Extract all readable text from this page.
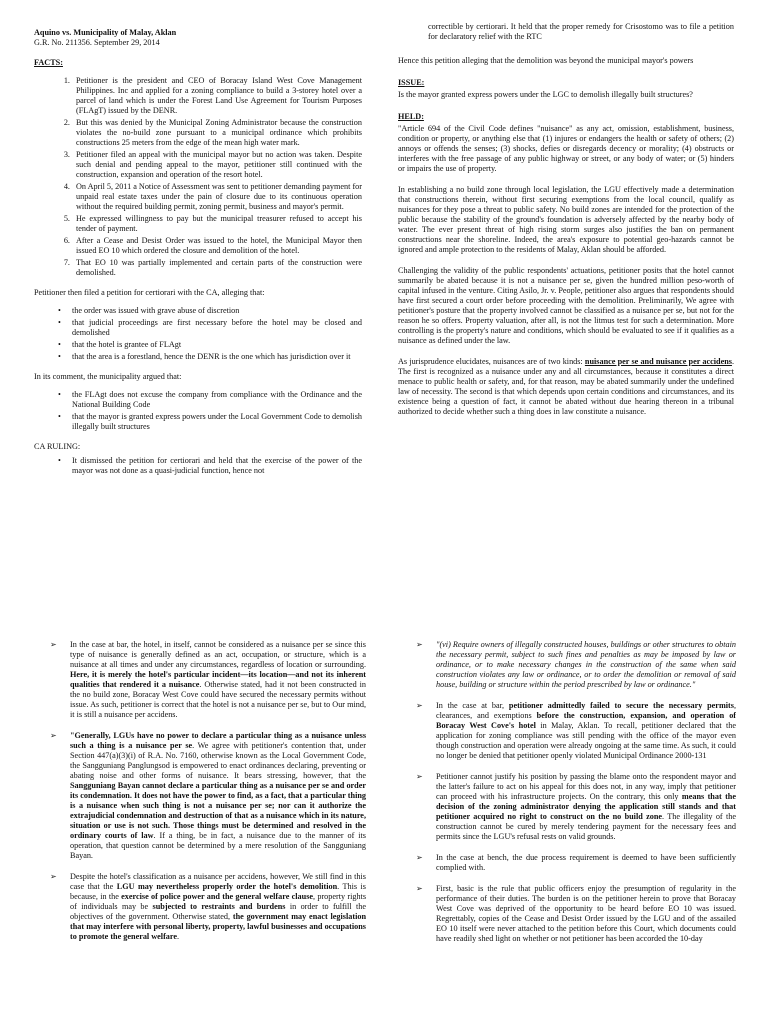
Aquino vs. Municipality of Malay, Aklan

G.R. No. 211356. September 29, 2014

FACTS:

1. Petitioner is the president and CEO of Boracay Island West Cove Management Philippines. Inc and applied for a zoning compliance to build a 3-storey hotel over a parcel of land which is under the Forest Land Use Agreement for Tourism Purposes (FLAgT) issued by the DENR.
2. But this was denied by the Municipal Zoning Administrator because the construction violates the no-build zone pursuant to a municipal ordinance which prohibits constructions 25 meters from the edge of the mean high water mark.
3. Petitioner filed an appeal with the municipal mayor but no action was taken. Despite such denial and pending appeal to the mayor, petitioner still continued with the construction, expansion and operation of the resort hotel.
4. On April 5, 2011 a Notice of Assessment was sent to petitioner demanding payment for unpaid real estate taxes under the pain of closure due to its continuous operation without the required building permit, zoning permit, business and mayor's permit.
5. He expressed willingness to pay but the municipal treasurer refused to accept his tender of payment.
6. After a Cease and Desist Order was issued to the hotel, the Municipal Mayor then issued EO 10 which ordered the closure and demolition of the hotel.
7. That EO 10 was partially implemented and certain parts of the construction were demolished.

Petitioner then filed a petition for certiorari with the CA, alleging that:

• the order was issued with grave abuse of discretion
• that judicial proceedings are first necessary before the hotel may be closed and demolished
• that the hotel is grantee of FLAgt
• that the area is a forestland, hence the DENR is the one which has jurisdiction over it

In its comment, the municipality argued that:

• the FLAgt does not excuse the company from compliance with the Ordinance and the National Building Code
• that the mayor is granted express powers under the Local Government Code to demolish illegally built structures

CA RULING:

• It dismissed the petition for certiorari and held that the exercise of the power of the mayor was not done as a quasi-judicial function, hence not

correctible by certiorari. It held that the proper remedy for Crisostomo was to file a petition for declaratory relief with the RTC

Hence this petition alleging that the demolition was beyond the municipal mayor's powers

ISSUE:

Is the mayor granted express powers under the LGC to demolish illegally built structures?

HELD:

"Article 694 of the Civil Code defines "nuisance" as any act, omission, establishment, business, condition or property, or anything else that (1) injures or endangers the health or safety of others; (2) annoys or offends the senses; (3) shocks, defies or disregards decency or morality; (4) obstructs or interferes with the free passage of any public highway or street, or any body of water; or (5) hinders or impairs the use of property.

In establishing a no build zone through local legislation, the LGU effectively made a determination that constructions therein, without first securing exemptions from the local council, qualify as nuisances for they pose a threat to public safety. No build zones are intended for the protection of the public because the stability of the ground's foundation is adversely affected by the nearby body of water. The ever present threat of high rising storm surges also justifies the ban on permanent constructions near the shoreline. Indeed, the area's exposure to potential geo-hazards cannot be ignored and ample protection to the residents of Malay, Aklan should be afforded.

Challenging the validity of the public respondents' actuations, petitioner posits that the hotel cannot summarily be abated because it is not a nuisance per se, given the hundred million peso-worth of capital infused in the venture. Citing Asilo, Jr. v. People, petitioner also argues that respondents should have first secured a court order before proceeding with the demolition. Preliminarily, We agree with petitioner's posture that the property involved cannot be classified as a nuisance per se, but not for the reason he so offers. Property valuation, after all, is not the litmus test for such a determination. More controlling is the property's nature and conditions, which should be evaluated to see if it qualifies as a nuisance as defined under the law.

As jurisprudence elucidates, nuisances are of two kinds: nuisance per se and nuisance per accidens. The first is recognized as a nuisance under any and all circumstances, because it constitutes a direct menace to public health or safety, and, for that reason, may be abated summarily under the undefined law of necessity. The second is that which depends upon certain conditions and circumstances, and its existence being a question of fact, it cannot be abated without due hearing thereon in a tribunal authorized to decide whether such a thing does in law constitute a nuisance.

➢ In the case at bar, the hotel, in itself, cannot be considered as a nuisance per se since this type of nuisance is generally defined as an act, occupation, or structure, which is a nuisance at all times and under any circumstances, regardless of location or surrounding. Here, it is merely the hotel's particular incident—its location—and not its inherent qualities that rendered it a nuisance. Otherwise stated, had it not been constructed in the no build zone, Boracay West Cove could have secured the necessary permits without issue. As such, petitioner is correct that the hotel is not a nuisance per se, but to Our mind, it is still a nuisance per accidens.
➢ "Generally, LGUs have no power to declare a particular thing as a nuisance unless such a thing is a nuisance per se. We agree with petitioner's contention that, under Section 447(a)(3)(i) of R.A. No. 7160, otherwise known as the Local Government Code, the Sangguniang Panglungsod is empowered to enact ordinances declaring, preventing or abating noise and other forms of nuisance. It bears stressing, however, that the Sangguniang Bayan cannot declare a particular thing as a nuisance per se and order its condemnation. It does not have the power to find, as a fact, that a particular thing is a nuisance when such thing is not a nuisance per se; nor can it authorize the extrajudicial condemnation and destruction of that as a nuisance which in its nature, situation or use is not such. Those things must be determined and resolved in the ordinary courts of law. If a thing, be in fact, a nuisance due to the manner of its operation, that question cannot be determined by a mere resolution of the Sangguniang Bayan.
➢ Despite the hotel's classification as a nuisance per accidens, however, We still find in this case that the LGU may nevertheless properly order the hotel's demolition. This is because, in the exercise of police power and the general welfare clause, property rights of individuals may be subjected to restraints and burdens in order to fulfill the objectives of the government. Otherwise stated, the government may enact legislation that may interfere with personal liberty, property, lawful businesses and occupations to promote the general welfare.
➢ "(vi) Require owners of illegally constructed houses, buildings or other structures to obtain the necessary permit, subject to such fines and penalties as may be imposed by law or ordinance, or to make necessary changes in the construction of the same when said construction violates any law or ordinance, or to order the demolition or removal of said house, building or structure within the period prescribed by law or ordinance."
➢ In the case at bar, petitioner admittedly failed to secure the necessary permits, clearances, and exemptions before the construction, expansion, and operation of Boracay West Cove's hotel in Malay, Aklan. To recall, petitioner declared that the application for zoning compliance was still pending with the office of the mayor even though construction and operation were already ongoing at the same time. As such, it could no longer be denied that petitioner openly violated Municipal Ordinance 2000-131
➢ Petitioner cannot justify his position by passing the blame onto the respondent mayor and the latter's failure to act on his appeal for this does not, in any way, imply that petitioner can proceed with his infrastructure projects. On the contrary, this only means that the decision of the zoning administrator denying the application still stands and that petitioner acquired no right to construct on the no build zone. The illegality of the construction cannot be cured by merely tendering payment for the necessary fees and permits since the LGU's refusal rests on valid grounds.
➢ In the case at bench, the due process requirement is deemed to have been sufficiently complied with.
➢ First, basic is the rule that public officers enjoy the presumption of regularity in the performance of their duties. The burden is on the petitioner herein to prove that Boracay West Cove was deprived of the opportunity to be heard before EO 10 was issued. Regrettably, copies of the Cease and Desist Order issued by the LGU and of the assailed EO 10 itself were never attached to the petition before this Court, which documents could have readily shed light on whether or not petitioner has been accorded the 10-day
